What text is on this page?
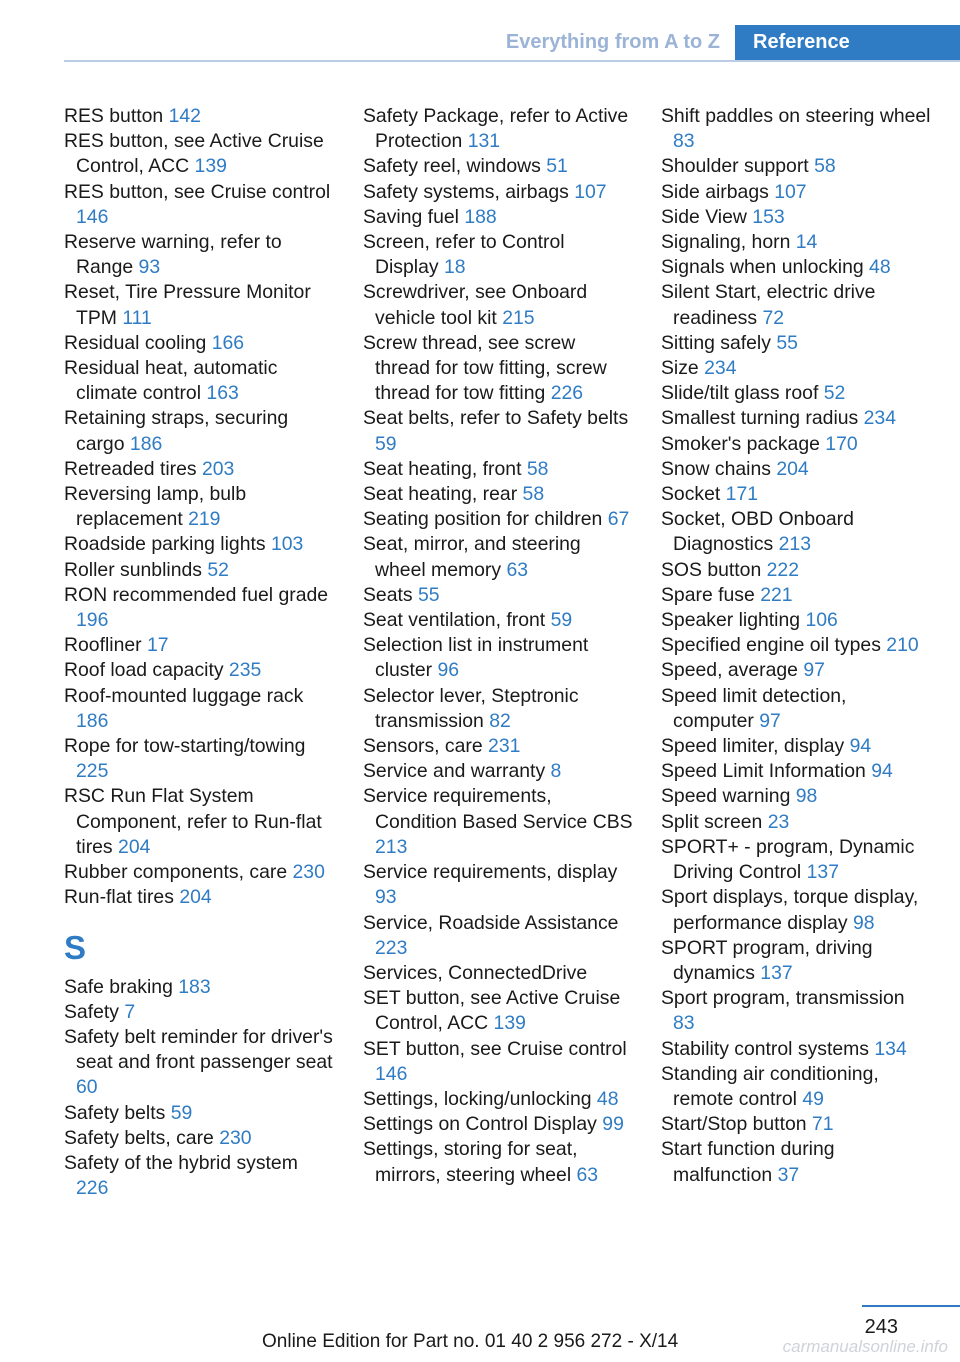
Everything from A to Z	Reference
RES button 142
RES button, see Active Cruise Control, ACC 139
RES button, see Cruise control 146
Reserve warning, refer to Range 93
Reset, Tire Pressure Monitor TPM 111
Residual cooling 166
Residual heat, automatic climate control 163
Retaining straps, securing cargo 186
Retreaded tires 203
Reversing lamp, bulb replacement 219
Roadside parking lights 103
Roller sunblinds 52
RON recommended fuel grade 196
Roofliner 17
Roof load capacity 235
Roof-mounted luggage rack 186
Rope for tow-starting/towing 225
RSC Run Flat System Component, refer to Run-flat tires 204
Rubber components, care 230
Run-flat tires 204
S
Safe braking 183
Safety 7
Safety belt reminder for driver's seat and front passenger seat 60
Safety belts 59
Safety belts, care 230
Safety of the hybrid system 226
Safety Package, refer to Active Protection 131
Safety reel, windows 51
Safety systems, airbags 107
Saving fuel 188
Screen, refer to Control Display 18
Screwdriver, see Onboard vehicle tool kit 215
Screw thread, see screw thread for tow fitting, screw thread for tow fitting 226
Seat belts, refer to Safety belts 59
Seat heating, front 58
Seat heating, rear 58
Seating position for children 67
Seat, mirror, and steering wheel memory 63
Seats 55
Seat ventilation, front 59
Selection list in instrument cluster 96
Selector lever, Steptronic transmission 82
Sensors, care 231
Service and warranty 8
Service requirements, Condition Based Service CBS 213
Service requirements, display 93
Service, Roadside Assistance 223
Services, ConnectedDrive
SET button, see Active Cruise Control, ACC 139
SET button, see Cruise control 146
Settings, locking/unlocking 48
Settings on Control Display 99
Settings, storing for seat, mirrors, steering wheel 63
Shift paddles on steering wheel 83
Shoulder support 58
Side airbags 107
Side View 153
Signaling, horn 14
Signals when unlocking 48
Silent Start, electric drive readiness 72
Sitting safely 55
Size 234
Slide/tilt glass roof 52
Smallest turning radius 234
Smoker's package 170
Snow chains 204
Socket 171
Socket, OBD Onboard Diagnostics 213
SOS button 222
Spare fuse 221
Speaker lighting 106
Specified engine oil types 210
Speed, average 97
Speed limit detection, computer 97
Speed limiter, display 94
Speed Limit Information 94
Speed warning 98
Split screen 23
SPORT+ - program, Dynamic Driving Control 137
Sport displays, torque display, performance display 98
SPORT program, driving dynamics 137
Sport program, transmission 83
Stability control systems 134
Standing air conditioning, remote control 49
Start/Stop button 71
Start function during malfunction 37
243
Online Edition for Part no. 01 40 2 956 272 - X/14	carmanualsonline.info
